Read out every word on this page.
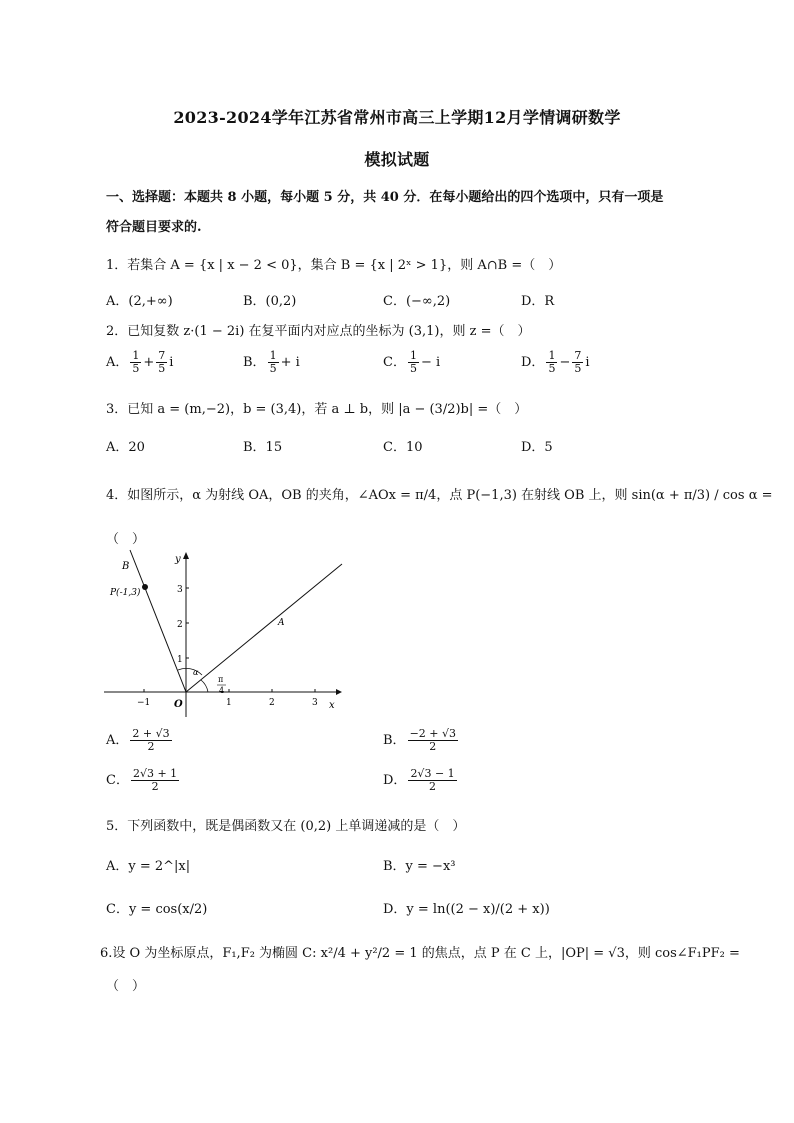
2023-2024学年江苏省常州市高三上学期12月学情调研数学
模拟试题
一、选择题：本题共 8 小题，每小题 5 分，共 40 分．在每小题给出的四个选项中，只有一项是
符合题目要求的.
1．若集合 A = {x | x − 2 < 0}，集合 B = {x | 2ˣ > 1}，则 A∩B =（　）
A．(2,+∞)	B．(0,2)	C．(−∞,2)	D．R
2．已知复数 z·(1 − 2i) 在复平面内对应点的坐标为 (3,1)，则 z =（　）
A． $\frac{1}{5} + \frac{7}{5}$ i	B． $\frac{1}{5} + i$	C． $\frac{1}{5} - i$	D． $\frac{1}{5} - \frac{7}{5}$ i
3．已知 a = (m,−2)，b = (3,4)，若 a ⊥ b，则 |a − (3/2)b| =（　）
A．20	B．15	C．10	D．5
4．如图所示，α 为射线 OA，OB 的夹角，∠AOx = π/4，点 P(−1,3) 在射线 OB 上，则 sin(α + π/3) / cos α =
（　）
B
P(-1,3)
A
O	x
y
α
π
4
−1	1	2	3
1
2
3
A． $\frac{2 + √3}{2}$	B． $\frac{-2 + √3}{2}$
C． $\frac{2√3 + 1}{2}$	D． $\frac{2√3 - 1}{2}$
5．下列函数中，既是偶函数又在 (0,2) 上单调递减的是（　）
A．y = 2^|x|	B．y = −x³
C．y = cos(x/2)	D．y = ln((2 − x)/(2 + x))
6.设 O 为坐标原点，F₁,F₂ 为椭圆 C: x²/4 + y²/2 = 1 的焦点，点 P 在 C 上，|OP| = √3，则 cos∠F₁PF₂ =
（　）
